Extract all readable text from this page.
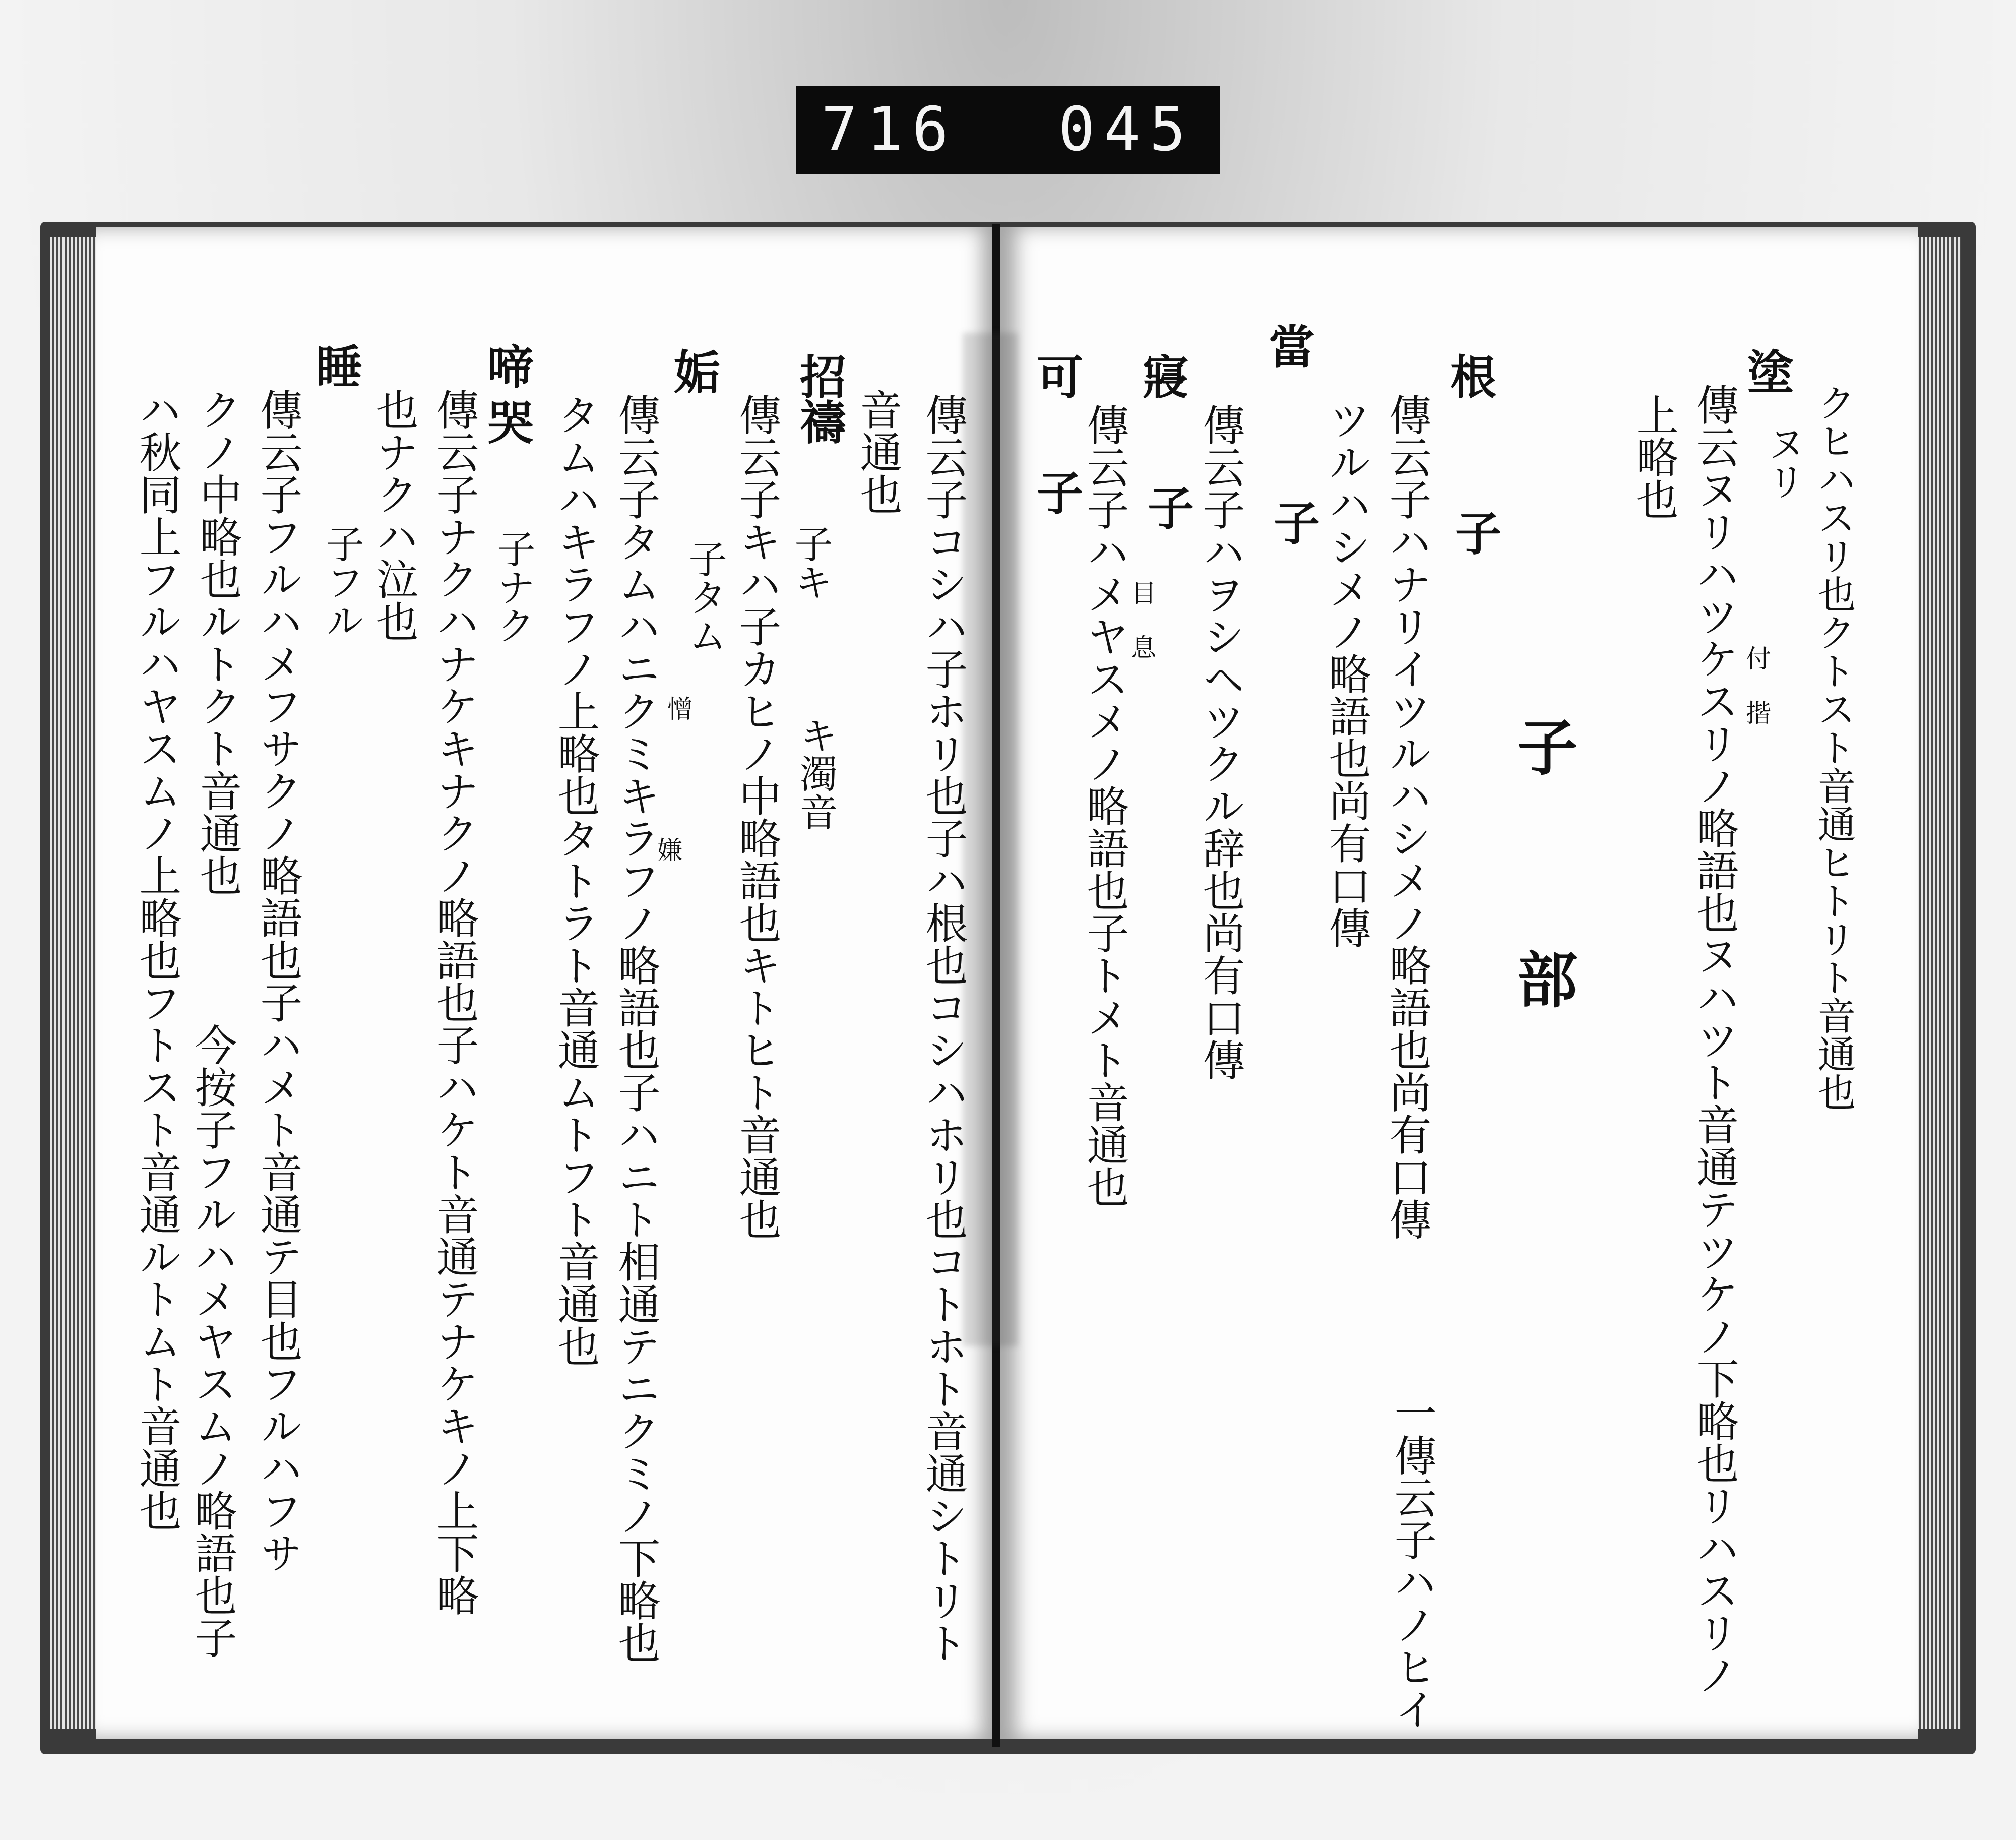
716 045
クヒハスリ也クトスト音通ヒトリト音通也
ヌリ
傳云ヌリハツケスリノ略語也ヌハツト音通テツケノ下略也リハスリノ
上略也
塗
付 揩
子 部
根
子
傳云子ハナリイツルハシメノ略語也尚有口傳
一傳云子ハノヒイ
ツルハシメノ略語也尚有口傳
當
子
傳云子ハヲシヘツクル辞也尚有口傳
寢
子
傳云子ハメヤスメノ略語也子トメト音通也
目 息
可
子
傳云子コシハ子ホリ也子ハ根也コシハホリ也コトホト音通シトリト
音通也
招
禱
子キ
キ濁音
傳云子キハ子カヒノ中略語也キトヒト音通也
姤
子タム
憎
傳云子タムハニクミキラフノ略語也子ハニト相通テニクミノ下略也
嫌
タムハキラフノ上略也タトラト音通ムトフト音通也
啼
哭
子ナク
傳云子ナクハナケキナクノ略語也子ハケト音通テナケキノ上下略
也ナクハ泣也
睡
子フル
傳云子フルハメフサクノ略語也子ハメト音通テ目也フルハフサ
クノ中略也ルトクト音通也
今按子フルハメヤスムノ略語也子
ハ秋同上フルハヤスムノ上略也フトスト音通ルトムト音通也
